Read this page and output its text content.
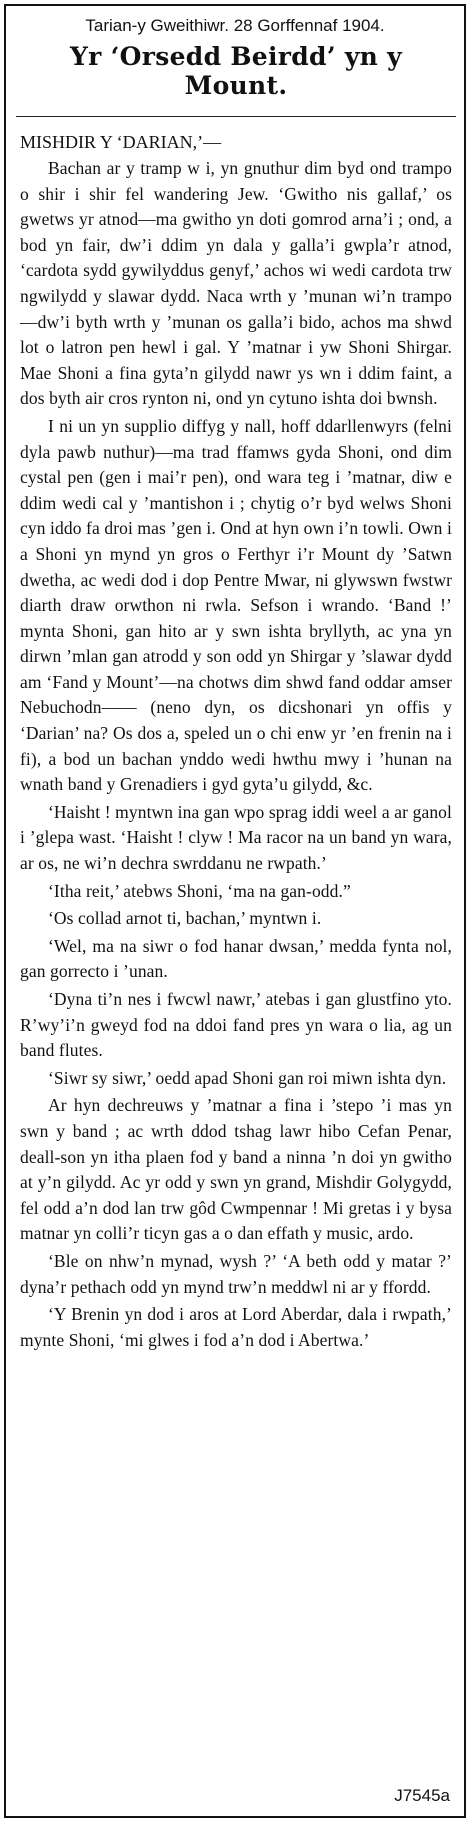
Tarian-y Gweithiwr. 28 Gorffennaf 1904.
Yr ‘Orsedd Beirdd’ yn y
Mount.
MISHDIR Y ‘DARIAN,’—

Bachan ar y tramp w i, yn gnuthur dim byd ond trampo o shir i shir fel wandering Jew. ‘Gwitho nis gallaf,’ os gwetws yr atnod—ma gwitho yn doti gomrod arna’i ; ond, a bod yn fair, dw’i ddim yn dala y galla’i gwpla’r atnod, ‘cardota sydd gywilyddus genyf,’ achos wi wedi cardota trw ngwilydd y slawar dydd. Naca wrth y ’munan wi’n trampo—dw’i byth wrth y ’munan os galla’i bido, achos ma shwd lot o latron pen hewl i gal. Y ’matnar i yw Shoni Shirgar. Mae Shoni a fina gyta’n gilydd nawr ys wn i ddim faint, a dos byth air cros rynton ni, ond yn cytuno ishta doi bwnsh.

I ni un yn supplio diffyg y nall, hoff ddarllenwyrs (felni dyla pawb nuthur)—ma trad ffamws gyda Shoni, ond dim cystal pen (gen i mai’r pen), ond wara teg i ’matnar, diw e ddim wedi cal y ’mantishon i ; chytig o’r byd welws Shoni cyn iddo fa droi mas ’gen i. Ond at hyn own i’n towli. Own i a Shoni yn mynd yn gros o Ferthyr i’r Mount dy ’Satwn dwetha, ac wedi dod i dop Pentre Mwar, ni glywswn fwstwr diarth draw orwthon ni rwla. Sefson i wrando. ‘Band !’ mynta Shoni, gan hito ar y swn ishta bryllyth, ac yna yn dirwn ’mlan gan atrodd y son odd yn Shirgar y ’slawar dydd am ‘Fand y Mount’—na chotws dim shwd fand oddar amser Nebuchodn—— (neno dyn, os dicshonari yn offis y ‘Darian’ na? Os dos a, speled un o chi enw yr ’en frenin na i fi), a bod un bachan ynddo wedi hwthu mwy i ’hunan na wnath band y Grenadiers i gyd gyta’u gilydd, &c.

‘Haisht ! myntwn ina gan wpo sprag iddi weel a ar ganol i ’glepa wast. ‘Haisht ! clyw ! Ma racor na un band yn wara, ar os, ne wi’n dechra swrddanu ne rwpath.’

‘Itha reit,’ atebws Shoni, ‘ma na gan-odd.”

‘Os collad arnot ti, bachan,’ myntwn i.

‘Wel, ma na siwr o fod hanar dwsan,’ medda fynta nol, gan gorrecto i ’unan.

‘Dyna ti’n nes i fwcwl nawr,’ atebas i gan glustfino yto. R’wy’i’n gweyd fod na ddoi fand pres yn wara o lia, ag un band flutes.

‘Siwr sy siwr,’ oedd apad Shoni gan roi miwn ishta dyn.

Ar hyn dechreuws y ’matnar a fina i ’stepo ’i mas yn swn y band ; ac wrth ddod tshag lawr hibo Cefan Penar, deall-son yn itha plaen fod y band a ninna ’n doi yn gwitho at y’n gilydd. Ac yr odd y swn yn grand, Mishdir Golygydd, fel odd a’n dod lan trw gôd Cwmpennar ! Mi gretas i y bysa matnar yn colli’r ticyn gas a o dan effath y music, ardo.

‘Ble on nhw’n mynad, wysh ?’ ‘A beth odd y matar ?’ dyna’r pethach odd yn mynd trw’n meddwl ni ar y ffordd.

‘Y Brenin yn dod i aros at Lord Aberdar, dala i rwpath,’ mynte Shoni, ‘mi glwes i fod a’n dod i Abertwa.’

J7545a
